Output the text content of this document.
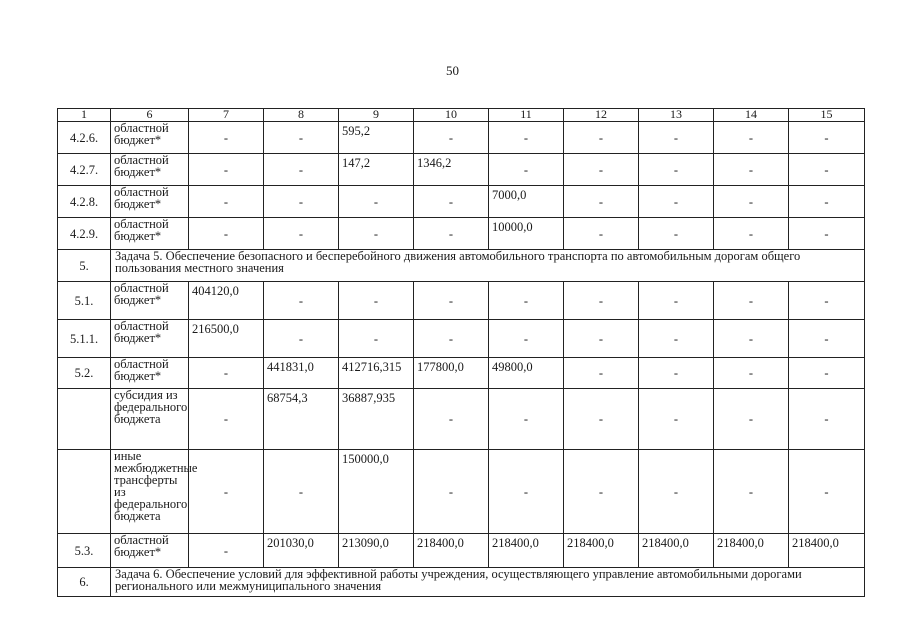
50
1	6	7	8	9	10	11	12	13	14	15
4.2.6.	областной бюджет*	-	-	595,2	-	-	-	-	-	-
4.2.7.	областной бюджет*	-	-	147,2	1346,2	-	-	-	-	-
4.2.8.	областной бюджет*	-	-	-	-	7000,0	-	-	-	-
4.2.9.	областной бюджет*	-	-	-	-	10000,0	-	-	-	-
5.	Задача 5. Обеспечение безопасного и бесперебойного движения автомобильного транспорта по автомобильным дорогам общего пользования местного значения									
5.1.	областной бюджет*	404120,0	-	-	-	-	-	-	-	-
5.1.1.	областной бюджет*	216500,0	-	-	-	-	-	-	-	-
5.2.	областной бюджет*	-	441831,0	412716,315	177800,0	49800,0	-	-	-	-
	субсидия из федерального бюджета	-	68754,3	36887,935	-	-	-	-	-	-
	иные межбюджетные трансферты из федерального бюджета	-	-	150000,0	-	-	-	-	-	-
5.3.	областной бюджет*	-	201030,0	213090,0	218400,0	218400,0	218400,0	218400,0	218400,0	218400,0
6.	Задача 6. Обеспечение условий для эффективной работы учреждения, осуществляющего управление автомобильными дорогами регионального или межмуниципального значения									
